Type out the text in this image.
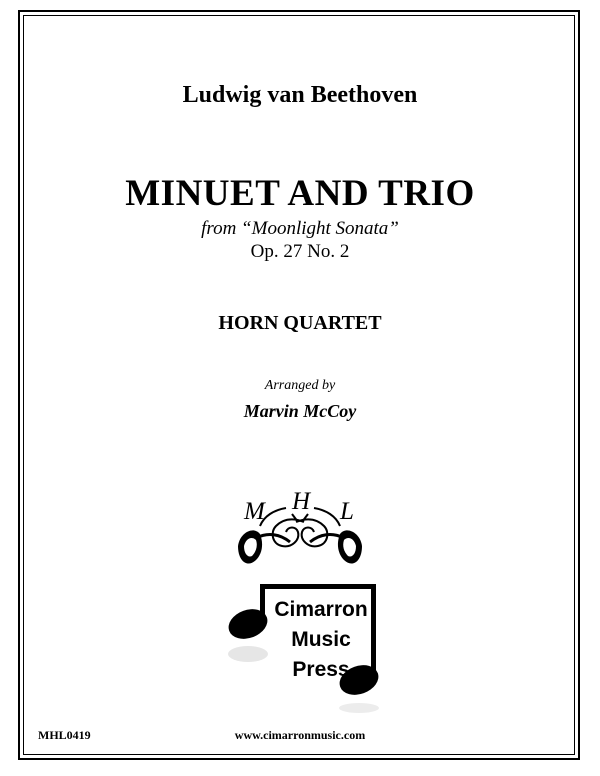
Ludwig van Beethoven
MINUET AND TRIO
from “Moonlight Sonata”
Op. 27 No. 2
HORN QUARTET
Arranged by
Marvin McCoy
M H L
Cimarron
Music
Press
MHL0419	www.cimarronmusic.com
